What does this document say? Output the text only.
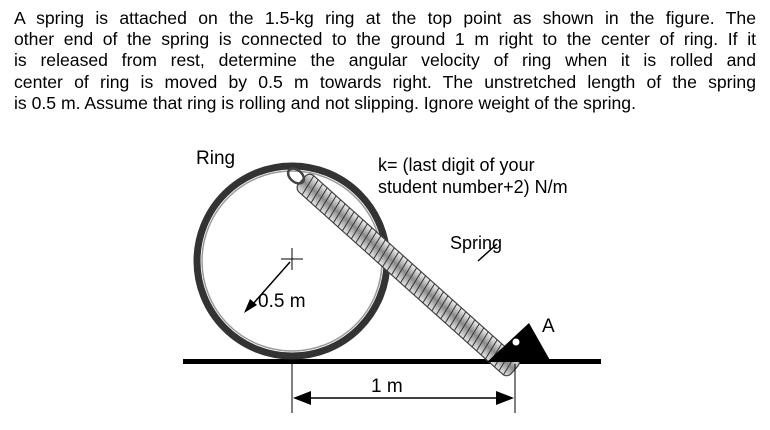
A spring is attached on the 1.5-kg ring at the top point as shown in the figure. The
other end of the spring is connected to the ground 1 m right to the center of ring. If it
is released from rest, determine the angular velocity of ring when it is rolled and
center of ring is moved by 0.5 m towards right. The unstretched length of the spring
is 0.5 m. Assume that ring is rolling and not slipping. Ignore weight of the spring.
Ring	k= (last digit of your
student number+2) N/m
Spring
0.5 m
A
1 m
